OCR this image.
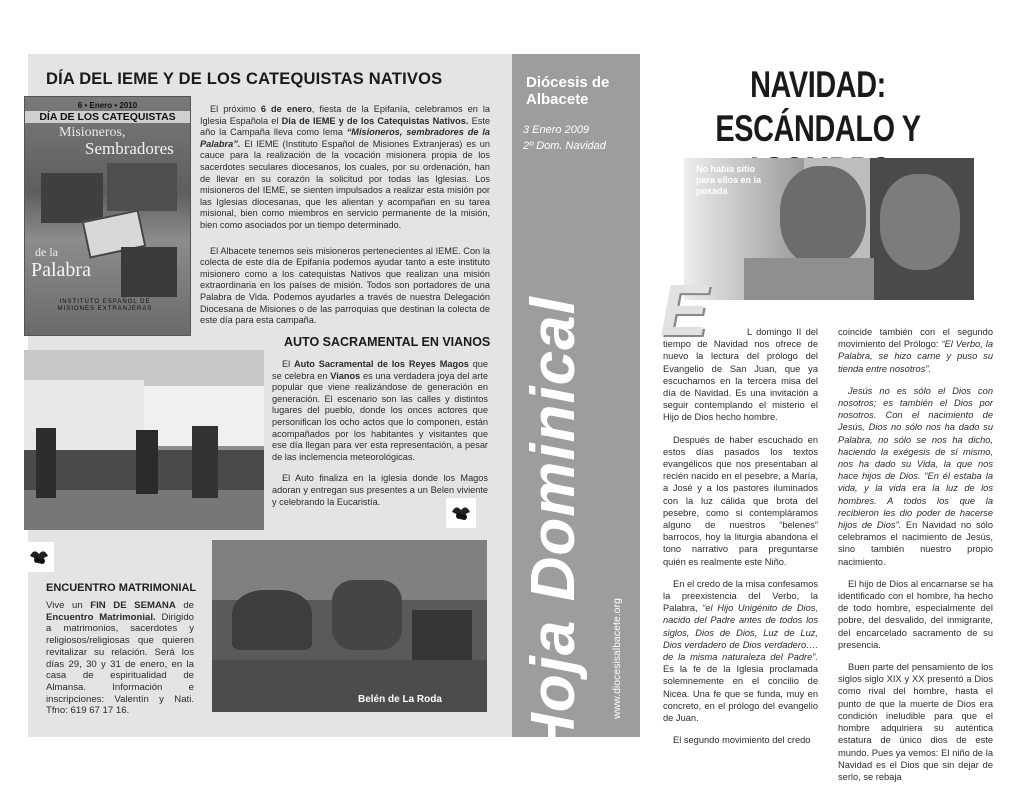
DÍA DEL IEME Y DE LOS CATEQUISTAS NATIVOS
6 • Enero • 2010
DÍA DE LOS CATEQUISTAS
Misioneros,
Sembradores
de la
Palabra
INSTITUTO ESPAÑOL DE MISIONES EXTRANJERAS

El próximo 6 de enero, fiesta de la Epifanía, celebramos en la Iglesia Española el Día de IEME y de los Catequistas Nativos. Este año la Campaña lleva como lema “Misioneros, sembradores de la Palabra”. El IEME (Instituto Español de Misiones Extranjeras) es un cauce para la realización de la vocación misionera propia de los sacerdotes seculares diocesanos, los cuales, por su ordenación, han de llevar en su corazón la solicitud por todas las Iglesias. Los misioneros del IEME, se sienten impulsados a realizar esta misión por las Iglesias diocesanas, que les alientan y acompañan en su tarea misional, bien como miembros en servicio permanente de la misión, bien como asociados por un tiempo determinado.

El Albacete tenemos seis misioneros pertenecientes al IEME. Con la colecta de este día de Epifanía podemos ayudar tanto a este instituto misionero como a los catequistas Nativos que realizan una misión extraordinaria en los países de misión. Todos son portadores de una Palabra de Vida. Podemos ayudarles a través de nuestra Delegación Diocesana de Misiones o de las parroquias que destinan la colecta de este día para esta campaña.

AUTO SACRAMENTAL EN VIANOS

El Auto Sacramental de los Reyes Magos que se celebra en Vianos es una verdadera joya del arte popular que viene realizándose de generación en generación. El escenario son las calles y distintos lugares del pueblo, donde los onces actores que personifican los ocho actos que lo componen, están acompañados por los habitantes y visitantes que ese día llegan para ver esta representación, a pesar de las inclemencia meteorológicas.

El Auto finaliza en la iglesia donde los Magos adoran y entregan sus presentes a un Belen viviente y celebrando la Eucaristía.

ENCUENTRO MATRIMONIAL
Vive un FIN DE SEMANA de Encuentro Matrimonial. Dirigido a matrimonios, sacerdotes y religiosos/religiosas que quieren revitalizar su relación. Será los días 29, 30 y 31 de enero, en la casa de espiritualidad de Almansa. Información e inscripciones: Valentín y Nati. Tfno: 619 67 17 16.
Belén de La Roda
Diócesis de Albacete
3 Enero 2009
2º Dom. Navidad
Hoja Dominical	www.diocesisalbacete.org
NAVIDAD:
ESCÁNDALO Y
No había sitio para ellos en la posada
E	L domingo II del tiempo de Navidad nos ofrece de nuevo la lectura del prólogo del Evangelio de San Juan, que ya escuchamos en la tercera misa del día de Navidad. Es una invitación a seguir contemplando el misterio el Hijo de Dios hecho hombre.

Después de haber escuchado en estos días pasados los textos evangélicos que nos presentaban al recién nacido en el pesebre, a María, a José y a los pastores iluminados con la luz cálida que brota del pesebre, como si contempláramos alguno de nuestros “belenes” barrocos, hoy la liturgia abandona el tono narrativo para preguntarse quién es realmente este Niño.

En el credo de la misa confesamos la preexistencia del Verbo, la Palabra, “el Hijo Unigénito de Dios, nacido del Padre antes de todos los siglos, Dios de Dios, Luz de Luz, Dios verdadero de Dios verdadero…. de la misma naturaleza del Padre”. Es la fe de la Iglesia proclamada solemnemente en el concilio de Nicea. Una fe que se funda, muy en concreto, en el prólogo del evangelio de Juan.

El segundo movimiento del credo

coincide también con el segundo movimiento del Prólogo: “El Verbo, la Palabra, se hizo carne y puso su tienda entre nosotros”.

Jesús no es sólo el Dios con nosotros; es también el Dios por nosotros. Con el nacimiento de Jesús, Dios no sólo nos ha dado su Palabra, no sólo se nos ha dicho, haciendo la exégesis de sí mismo, nos ha dado su Vida, la que nos hace hijos de Dios. “En él estaba la vida, y la vida era la luz de los hombres. A todos los que la recibieron les dio poder de hacerse hijos de Dios”. En Navidad no sólo celebramos el nacimiento de Jesús, sino también nuestro propio nacimiento.

El hijo de Dios al encarnarse se ha identificado con el hombre, ha hecho de todo hombre, especialmente del pobre, del desvalido, del inmigrante, del encarcelado sacramento de su presencia.

Buen parte del pensamiento de los siglos siglo XIX y XX presentó a Dios como rival del hombre, hasta el punto de que la muerte de Dios era condición ineludible para que el hombre adquiriera su auténtica estatura de único dios de este mundo. Pues ya vemos: El niño de la Navidad es el Dios que sin dejar de serlo, se rebaja
